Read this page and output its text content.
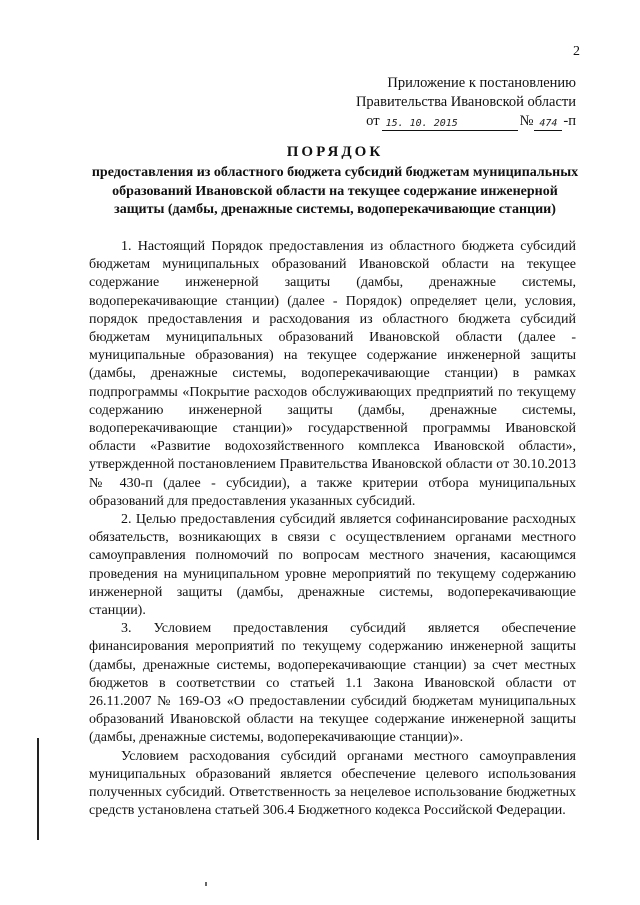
2
Приложение к постановлению
Правительства Ивановской области
от 15. 10. 2015	№ 474 -п
ПОРЯДОК
предоставления из областного бюджета субсидий бюджетам муниципальных образований Ивановской области на текущее содержание инженерной защиты (дамбы, дренажные системы, водоперекачивающие станции)

1. Настоящий Порядок предоставления из областного бюджета субсидий бюджетам муниципальных образований Ивановской области на текущее содержание инженерной защиты (дамбы, дренажные системы, водоперекачивающие станции) (далее - Порядок) определяет цели, условия, порядок предоставления и расходования из областного бюджета субсидий бюджетам муниципальных образований Ивановской области (далее - муниципальные образования) на текущее содержание инженерной защиты (дамбы, дренажные системы, водоперекачивающие станции) в рамках подпрограммы «Покрытие расходов обслуживающих предприятий по текущему содержанию инженерной защиты (дамбы, дренажные системы, водоперекачивающие станции)» государственной программы Ивановской области «Развитие водохозяйственного комплекса Ивановской области», утвержденной постановлением Правительства Ивановской области от 30.10.2013 № 430-п (далее - субсидии), а также критерии отбора муниципальных образований для предоставления указанных субсидий.

2. Целью предоставления субсидий является софинансирование расходных обязательств, возникающих в связи с осуществлением органами местного самоуправления полномочий по вопросам местного значения, касающимся проведения на муниципальном уровне мероприятий по текущему содержанию инженерной защиты (дамбы, дренажные системы, водоперекачивающие станции).

3. Условием предоставления субсидий является обеспечение финансирования мероприятий по текущему содержанию инженерной защиты (дамбы, дренажные системы, водоперекачивающие станции) за счет местных бюджетов в соответствии со статьей 1.1 Закона Ивановской области от 26.11.2007 № 169-ОЗ «О предоставлении субсидий бюджетам муниципальных образований Ивановской области на текущее содержание инженерной защиты (дамбы, дренажные системы, водоперекачивающие станции)».

Условием расходования субсидий органами местного самоуправления муниципальных образований является обеспечение целевого использования полученных субсидий. Ответственность за нецелевое использование бюджетных средств установлена статьей 306.4 Бюджетного кодекса Российской Федерации.
